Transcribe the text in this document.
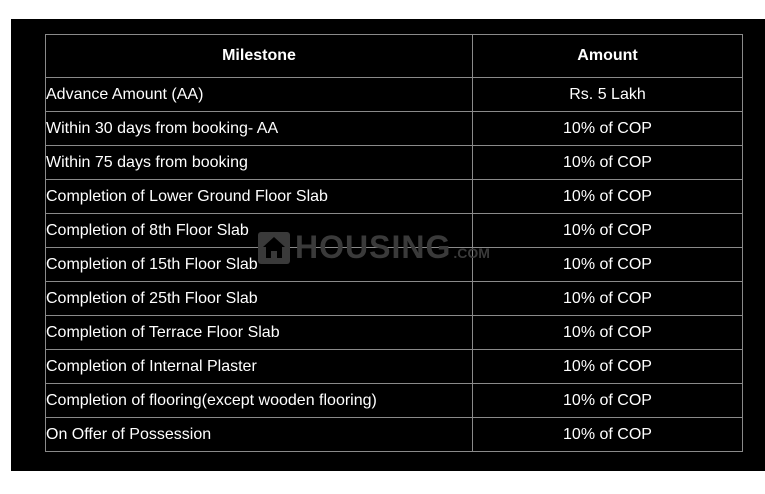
Milestone	Amount
Advance Amount (AA)	Rs. 5 Lakh
Within 30 days from booking- AA	10% of COP
Within 75 days from booking	10% of COP
Completion of Lower Ground Floor Slab	10% of COP
Completion of 8th Floor Slab	10% of COP
Completion of 15th Floor Slab	10% of COP
Completion of 25th Floor Slab	10% of COP
Completion of Terrace Floor Slab	10% of COP
Completion of Internal Plaster	10% of COP
Completion of flooring(except wooden flooring)	10% of COP
On Offer of Possession	10% of COP
HOUSING .COM
